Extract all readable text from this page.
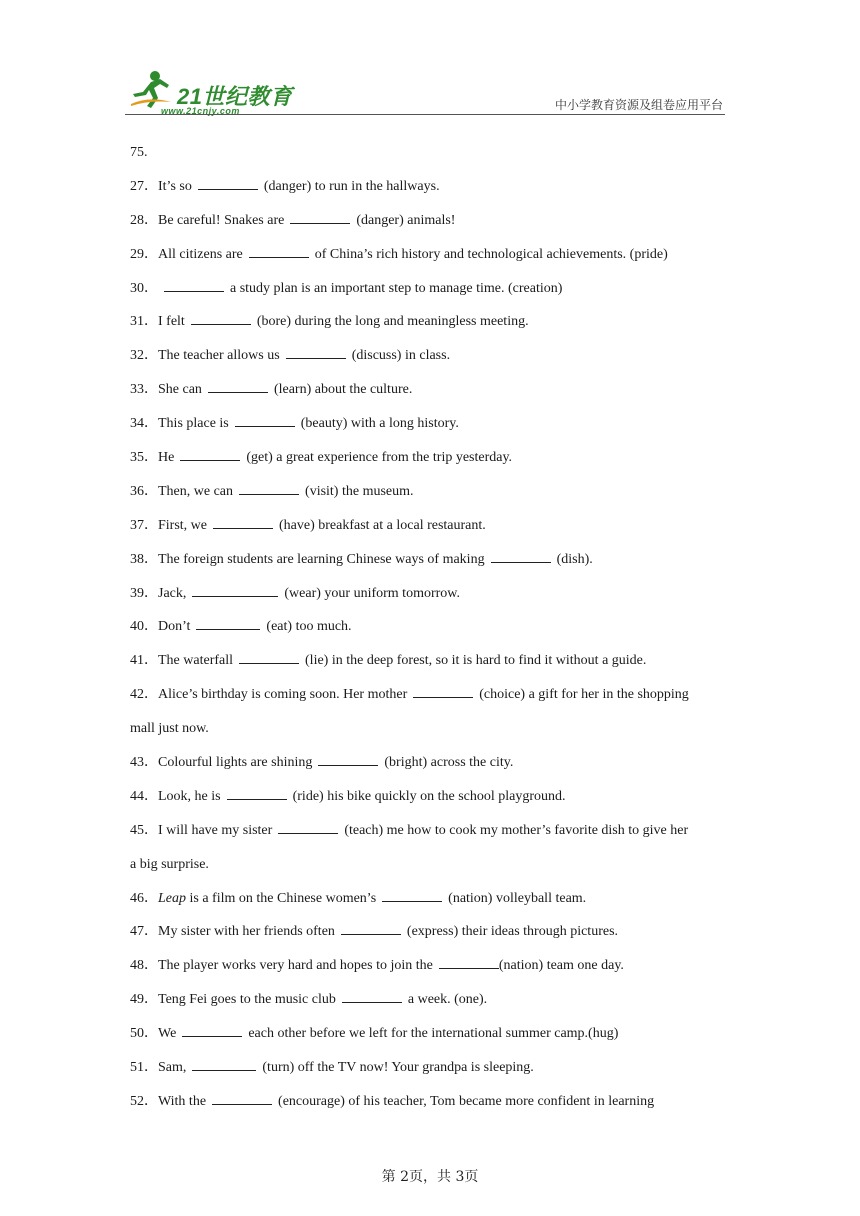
21世纪教育
www.21cnjy.com	中小学教育资源及组卷应用平台
75.
27．It’s so	(danger) to run in the hallways.
28．Be careful! Snakes are	(danger) animals!
29．All citizens are	of China’s rich history and technological achievements. (pride)
30．	a study plan is an important step to manage time. (creation)
31．I felt	(bore) during the long and meaningless meeting.
32．The teacher allows us	(discuss) in class.
33．She can	(learn) about the culture.
34．This place is	(beauty) with a long history.
35．He	(get) a great experience from the trip yesterday.
36．Then, we can	(visit) the museum.
37．First, we	(have) breakfast at a local restaurant.
38．The foreign students are learning Chinese ways of making	(dish).
39．Jack,	(wear) your uniform tomorrow.
40．Don’t	(eat) too much.
41．The waterfall	(lie) in the deep forest, so it is hard to find it without a guide.
42．Alice’s birthday is coming soon. Her mother	(choice) a gift for her in the shopping
mall just now.
43．Colourful lights are shining	(bright) across the city.
44．Look, he is	(ride) his bike quickly on the school playground.
45．I will have my sister	(teach) me how to cook my mother’s favorite dish to give her
a big surprise.
46．Leap is a film on the Chinese women’s	(nation) volleyball team.
47．My sister with her friends often	(express) their ideas through pictures.
48．The player works very hard and hopes to join the	(nation) team one day.
49．Teng Fei goes to the music club	a week. (one).
50．We	each other before we left for the international summer camp.(hug)
51．Sam,	(turn) off the TV now! Your grandpa is sleeping.
52．With the	(encourage) of his teacher, Tom became more confident in learning
第 2页，共 3页
